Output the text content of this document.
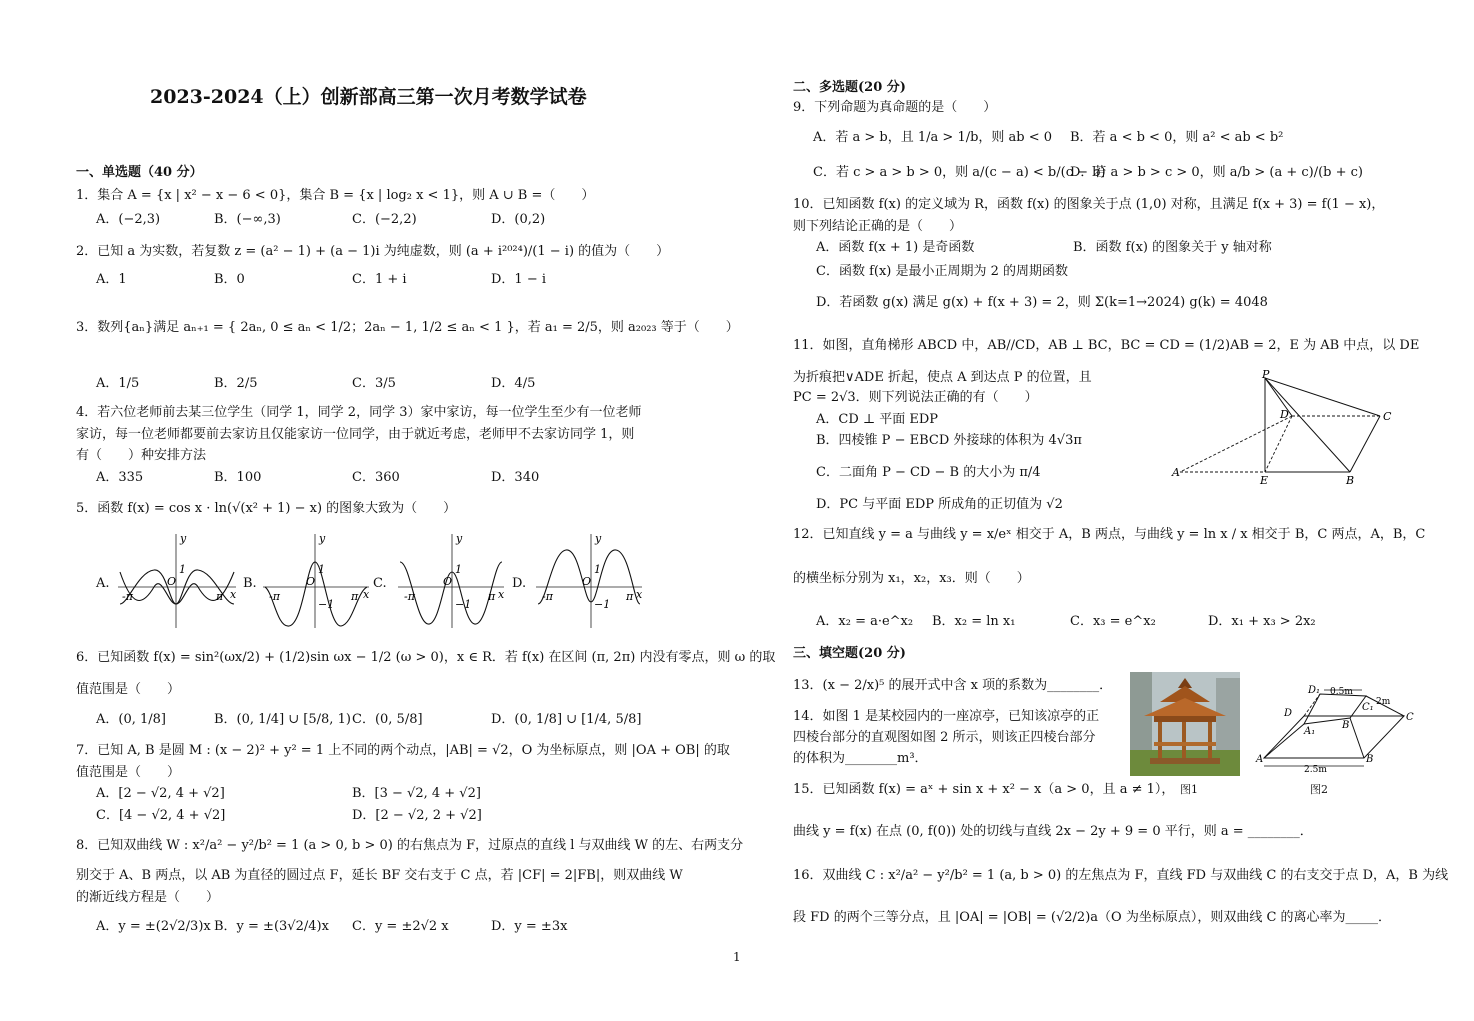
2023-2024（上）创新部高三第一次月考数学试卷
一、单选题（40 分）
1．集合 A = {x | x² − x − 6 < 0}，集合 B = {x | log₂ x < 1}，则 A ∪ B =（　　）
A．(−2,3)	B．(−∞,3)	C．(−2,2)	D．(0,2)
2．已知 a 为实数，若复数 z = (a² − 1) + (a − 1)i 为纯虚数，则 (a + i²⁰²⁴)/(1 − i) 的值为（　　）
A．1	B．0	C．1 + i	D．1 − i
3．数列{aₙ}满足 aₙ₊₁ = { 2aₙ, 0 ≤ aₙ < 1/2；2aₙ − 1, 1/2 ≤ aₙ < 1 }，若 a₁ = 2/5，则 a₂₀₂₃ 等于（　　）
A．1/5	B．2/5	C．3/5	D．4/5
4．若六位老师前去某三位学生（同学 1，同学 2，同学 3）家中家访，每一位学生至少有一位老师
家访，每一位老师都要前去家访且仅能家访一位同学，由于就近考虑，老师甲不去家访同学 1，则
有（　　）种安排方法
A．335	B．100	C．360	D．340
5．函数 f(x) = cos x · ln(√(x² + 1) − x) 的图象大致为（　　）
A.	B.	C.	D.
y
x
O
1
-π	π
y
x
O
1
−1
-π	π
y
x
O
1
−1
-π	π
y
x
O
1
−1
-π	π
6．已知函数 f(x) = sin²(ωx/2) + (1/2)sin ωx − 1/2 (ω > 0)，x ∈ R．若 f(x) 在区间 (π, 2π) 内没有零点，则 ω 的取
值范围是（　　）
A．(0, 1/8]	B．(0, 1/4] ∪ [5/8, 1) C．(0, 5/8]	D．(0, 1/8] ∪ [1/4, 5/8]
7．已知 A, B 是圆 M : (x − 2)² + y² = 1 上不同的两个动点，|AB| = √2，O 为坐标原点，则 |OA + OB| 的取
值范围是（　　）
A．[2 − √2, 4 + √2]	B．[3 − √2, 4 + √2]
C．[4 − √2, 4 + √2]	D．[2 − √2, 2 + √2]
8．已知双曲线 W : x²/a² − y²/b² = 1 (a > 0, b > 0) 的右焦点为 F，过原点的直线 l 与双曲线 W 的左、右两支分
别交于 A、B 两点，以 AB 为直径的圆过点 F，延长 BF 交右支于 C 点，若 |CF| = 2|FB|，则双曲线 W
的渐近线方程是（　　）
A．y = ±(2√2/3)x B．y = ±(3√2/4)x C．y = ±2√2 x	D．y = ±3x
1
二、多选题(20 分)
9．下列命题为真命题的是（　　）
A．若 a > b，且 1/a > 1/b，则 ab < 0 B．若 a < b < 0，则 a² < ab < b²
C．若 c > a > b > 0，则 a/(c − a) < b/(c − b)
D．若 a > b > c > 0，则 a/b > (a + c)/(b + c)
10．已知函数 f(x) 的定义域为 R，函数 f(x) 的图象关于点 (1,0) 对称，且满足 f(x + 3) = f(1 − x)，
则下列结论正确的是（　　）
A．函数 f(x + 1) 是奇函数	B．函数 f(x) 的图象关于 y 轴对称
C．函数 f(x) 是最小正周期为 2 的周期函数
D．若函数 g(x) 满足 g(x) + f(x + 3) = 2，则 Σ(k=1→2024) g(k) = 4048
11．如图，直角梯形 ABCD 中，AB//CD，AB ⊥ BC，BC = CD = (1/2)AB = 2，E 为 AB 中点，以 DE
为折痕把∨ADE 折起，使点 A 到达点 P 的位置，且
PC = 2√3．则下列说法正确的有（　　）
A．CD ⊥ 平面 EDP
B．四棱锥 P − EBCD 外接球的体积为 4√3π
C．二面角 P − CD − B 的大小为 π/4
D．PC 与平面 EDP 所成角的正切值为 √2
P
D	C
A
E	B
12．已知直线 y = a 与曲线 y = x/eˣ 相交于 A，B 两点，与曲线 y = ln x / x 相交于 B，C 两点，A，B，C
的横坐标分别为 x₁，x₂，x₃．则（　　）
A．x₂ = a·e^x₂ B．x₂ = ln x₁	C．x₃ = e^x₂	D．x₁ + x₃ > 2x₂
三、填空题(20 分)
13．(x − 2/x)⁵ 的展开式中含 x 项的系数为________．
14．如图 1 是某校园内的一座凉亭，已知该凉亭的正
四棱台部分的直观图如图 2 所示，则该正四棱台部分
的体积为________m³．
图1
0.5m
2m
2.5m
D₁
C₁
A₁
B
D	C
A	B
图2
15．已知函数 f(x) = aˣ + sin x + x² − x（a > 0，且 a ≠ 1），
曲线 y = f(x) 在点 (0, f(0)) 处的切线与直线 2x − 2y + 9 = 0 平行，则 a = ________．
16．双曲线 C : x²/a² − y²/b² = 1 (a, b > 0) 的左焦点为 F，直线 FD 与双曲线 C 的右支交于点 D，A，B 为线
段 FD 的两个三等分点，且 |OA| = |OB| = (√2/2)a（O 为坐标原点），则双曲线 C 的离心率为_____．
